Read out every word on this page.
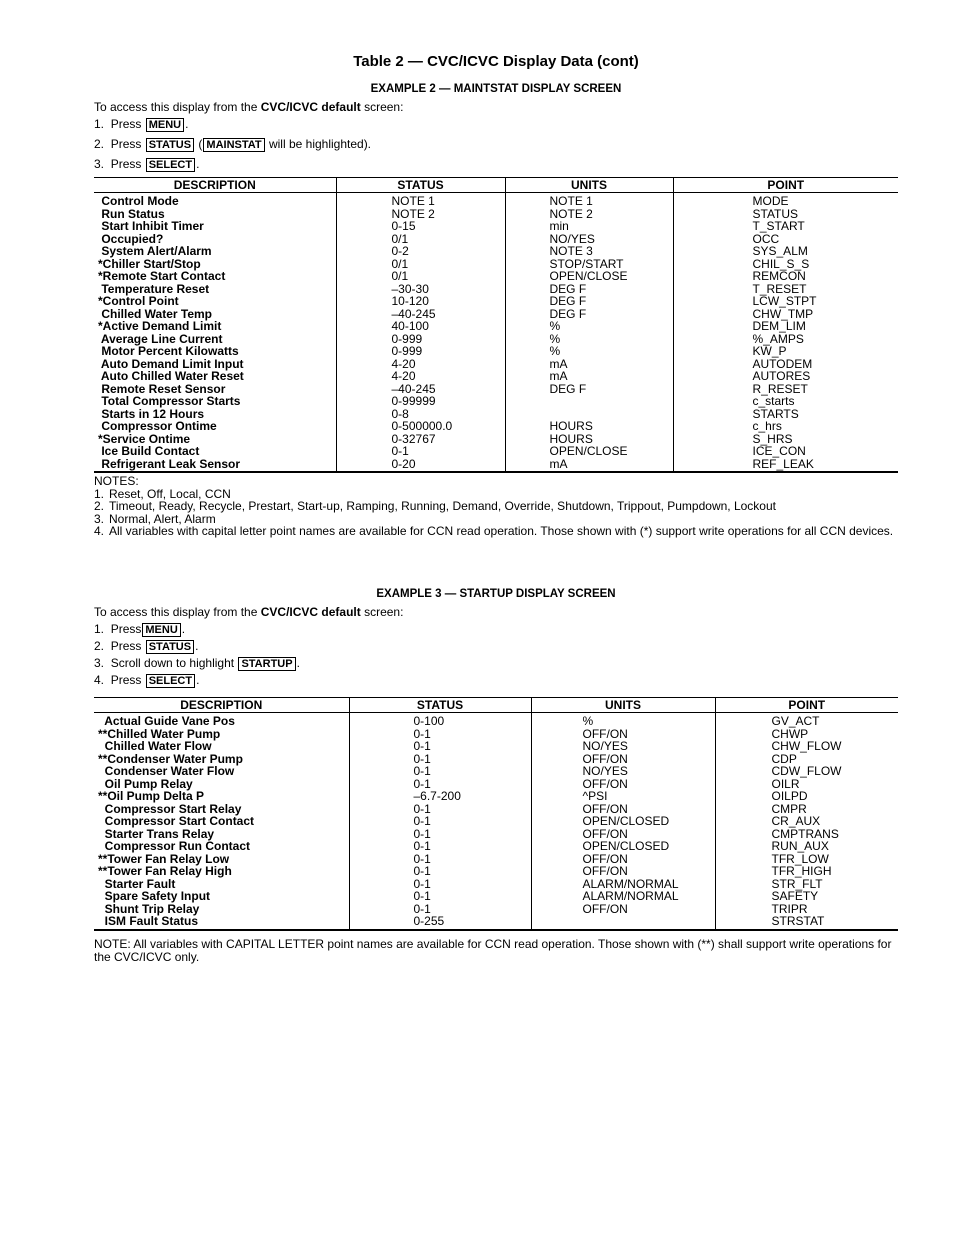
Table 2 — CVC/ICVC Display Data (cont)
EXAMPLE 2 — MAINTSTAT DISPLAY SCREEN
To access this display from the CVC/ICVC default screen:
1. Press MENU .
2. Press STATUS ( MAINSTAT will be highlighted).
3. Press SELECT .
DESCRIPTION	STATUS	UNITS	POINT
Control Mode	NOTE 1	NOTE 1	MODE
Run Status	NOTE 2	NOTE 2	STATUS
Start Inhibit Timer	0-15	min	T_START
Occupied?	0/1	NO/YES	OCC
System Alert/Alarm	0-2	NOTE 3	SYS_ALM
*Chiller Start/Stop	0/1	STOP/START	CHIL_S_S
*Remote Start Contact	0/1	OPEN/CLOSE	REMCON
Temperature Reset	–30-30	DEG F	T_RESET
*Control Point	10-120	DEG F	LCW_STPT
Chilled Water Temp	–40-245	DEG F	CHW_TMP
*Active Demand Limit	40-100	%	DEM_LIM
Average Line Current	0-999	%	%_AMPS
Motor Percent Kilowatts	0-999	%	KW_P
Auto Demand Limit Input	4-20	mA	AUTODEM
Auto Chilled Water Reset	4-20	mA	AUTORES
Remote Reset Sensor	–40-245	DEG F	R_RESET
Total Compressor Starts	0-99999		c_starts
Starts in 12 Hours	0-8		STARTS
Compressor Ontime	0-500000.0	HOURS	c_hrs
*Service Ontime	0-32767	HOURS	S_HRS
Ice Build Contact	0-1	OPEN/CLOSE	ICE_CON
Refrigerant Leak Sensor	0-20	mA	REF_LEAK
NOTES:
1. Reset, Off, Local, CCN
2. Timeout, Ready, Recycle, Prestart, Start-up, Ramping, Running, Demand, Override, Shutdown, Trippout, Pumpdown, Lockout
3. Normal, Alert, Alarm
4. All variables with capital letter point names are available for CCN read operation. Those shown with (*) support write operations for all CCN devices.
EXAMPLE 3 — STARTUP DISPLAY SCREEN
To access this display from the CVC/ICVC default screen:
1. Press MENU .
2. Press STATUS .
3. Scroll down to highlight STARTUP .
4. Press SELECT .
DESCRIPTION	STATUS	UNITS	POINT
Actual Guide Vane Pos	0-100	%	GV_ACT
**Chilled Water Pump	0-1	OFF/ON	CHWP
Chilled Water Flow	0-1	NO/YES	CHW_FLOW
**Condenser Water Pump	0-1	OFF/ON	CDP
Condenser Water Flow	0-1	NO/YES	CDW_FLOW
Oil Pump Relay	0-1	OFF/ON	OILR
**Oil Pump Delta P	–6.7-200	^PSI	OILPD
Compressor Start Relay	0-1	OFF/ON	CMPR
Compressor Start Contact	0-1	OPEN/CLOSED	CR_AUX
Starter Trans Relay	0-1	OFF/ON	CMPTRANS
Compressor Run Contact	0-1	OPEN/CLOSED	RUN_AUX
**Tower Fan Relay Low	0-1	OFF/ON	TFR_LOW
**Tower Fan Relay High	0-1	OFF/ON	TFR_HIGH
Starter Fault	0-1	ALARM/NORMAL	STR_FLT
Spare Safety Input	0-1	ALARM/NORMAL	SAFETY
Shunt Trip Relay	0-1	OFF/ON	TRIPR
ISM Fault Status	0-255		STRSTAT
NOTE: All variables with CAPITAL LETTER point names are available for CCN read operation. Those shown with (**) shall support write operations for the CVC/ICVC only.
